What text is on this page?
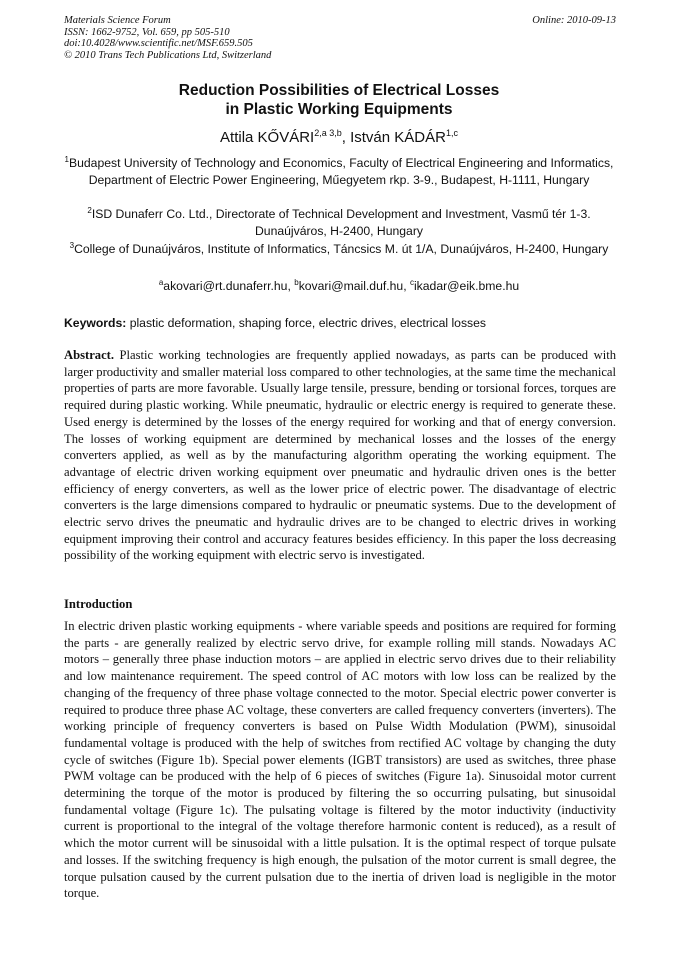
Materials Science Forum
ISSN: 1662-9752, Vol. 659, pp 505-510
doi:10.4028/www.scientific.net/MSF.659.505
© 2010 Trans Tech Publications Ltd, Switzerland
Online: 2010-09-13
Reduction Possibilities of Electrical Losses
in Plastic Working Equipments
Attila $KŐVÁRI^{2,a 3,b}$, István KÁDÁR$^{1,c}$
$^1$Budapest University of Technology and Economics, Faculty of Electrical Engineering and Informatics, Department of Electric Power Engineering, Műegyetem rkp. 3-9., Budapest, H-1111, Hungary
$^2$ISD Dunaferr Co. Ltd., Directorate of Technical Development and Investment, Vasmű tér 1-3. Dunaújváros, H-2400, Hungary
$^3$College of Dunaújváros, Institute of Informatics, Táncsics M. út 1/A, Dunaújváros, H-2400, Hungary
$^a$akovari@rt.dunaferr.hu, $^b$kovari@mail.duf.hu, $^c$ikadar@eik.bme.hu
Keywords: plastic deformation, shaping force, electric drives, electrical losses
Abstract. Plastic working technologies are frequently applied nowadays, as parts can be produced with larger productivity and smaller material loss compared to other technologies, at the same time the mechanical properties of parts are more favorable. Usually large tensile, pressure, bending or torsional forces, torques are required during plastic working. While pneumatic, hydraulic or electric energy is required to generate these. Used energy is determined by the losses of the energy required for working and that of energy conversion. The losses of working equipment are determined by mechanical losses and the losses of the energy converters applied, as well as by the manufacturing algorithm operating the working equipment. The advantage of electric driven working equipment over pneumatic and hydraulic driven ones is the better efficiency of energy converters, as well as the lower price of electric power. The disadvantage of electric converters is the large dimensions compared to hydraulic or pneumatic systems. Due to the development of electric servo drives the pneumatic and hydraulic drives are to be changed to electric drives in working equipment improving their control and accuracy features besides efficiency. In this paper the loss decreasing possibility of the working equipment with electric servo is investigated.
Introduction
In electric driven plastic working equipments - where variable speeds and positions are required for forming the parts - are generally realized by electric servo drive, for example rolling mill stands. Nowadays AC motors – generally three phase induction motors – are applied in electric servo drives due to their reliability and low maintenance requirement. The speed control of AC motors with low loss can be realized by the changing of the frequency of three phase voltage connected to the motor. Special electric power converter is required to produce three phase AC voltage, these converters are called frequency converters (inverters). The working principle of frequency converters is based on Pulse Width Modulation (PWM), sinusoidal fundamental voltage is produced with the help of switches from rectified AC voltage by changing the duty cycle of switches (Figure 1b). Special power elements (IGBT transistors) are used as switches, three phase PWM voltage can be produced with the help of 6 pieces of switches (Figure 1a). Sinusoidal motor current determining the torque of the motor is produced by filtering the so occurring pulsating, but sinusoidal fundamental voltage (Figure 1c). The pulsating voltage is filtered by the motor inductivity (inductivity current is proportional to the integral of the voltage therefore harmonic content is reduced), as a result of which the motor current will be sinusoidal with a little pulsation. It is the optimal respect of torque pulsate and losses. If the switching frequency is high enough, the pulsation of the motor current is small degree, the torque pulsation caused by the current pulsation due to the inertia of driven load is negligible in the motor torque.
